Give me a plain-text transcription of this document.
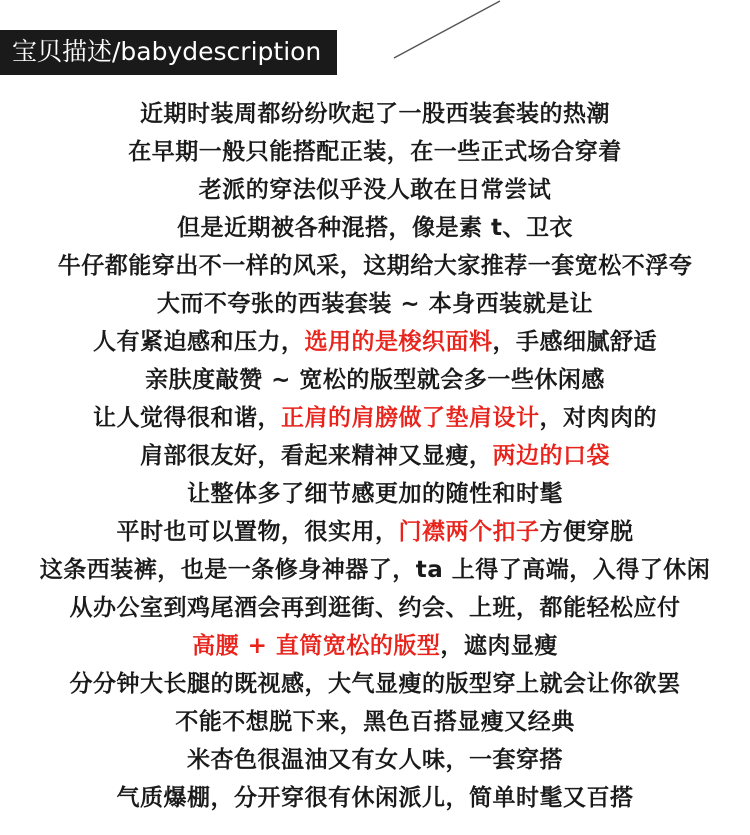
宝贝描述/babydescription
近期时装周都纷纷吹起了一股西装套装的热潮
在早期一般只能搭配正装，在一些正式场合穿着
老派的穿法似乎没人敢在日常尝试
但是近期被各种混搭，像是素 t、卫衣
牛仔都能穿出不一样的风采，这期给大家推荐一套宽松不浮夸
大而不夸张的西装套装 ~ 本身西装就是让
人有紧迫感和压力，选用的是梭织面料，手感细腻舒适
亲肤度敲赞 ~ 宽松的版型就会多一些休闲感
让人觉得很和谐，正肩的肩膀做了垫肩设计，对肉肉的
肩部很友好，看起来精神又显瘦，两边的口袋
让整体多了细节感更加的随性和时髦
平时也可以置物，很实用，门襟两个扣子方便穿脱
这条西装裤，也是一条修身神器了，ta 上得了高端，入得了休闲
从办公室到鸡尾酒会再到逛街、约会、上班，都能轻松应付
高腰 + 直筒宽松的版型，遮肉显瘦
分分钟大长腿的既视感，大气显瘦的版型穿上就会让你欲罢
不能不想脱下来，黑色百搭显瘦又经典
米杏色很温油又有女人味，一套穿搭
气质爆棚，分开穿很有休闲派儿，简单时髦又百搭
